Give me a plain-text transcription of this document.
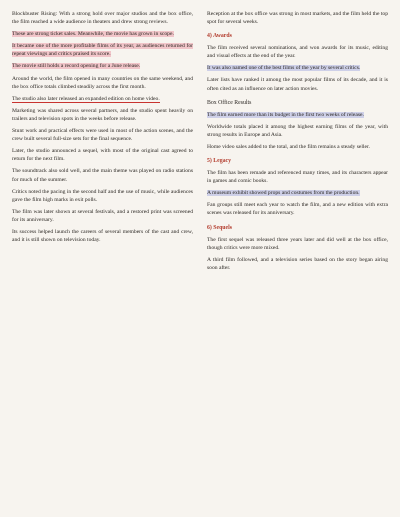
Blockbuster Rising: With a strong hold over major studios and the box office, the film reached a wide audience in theaters and drew strong reviews.

These are strong ticket sales. Meanwhile, the movie has grown in scope.

It became one of the more profitable films of its year, as audiences returned for repeat viewings and critics praised its score.

The movie still holds a record opening for a June release.

Around the world, the film opened in many countries on the same weekend, and the box office totals climbed steadily across the first month.

The studio also later released an expanded edition on home video.

Marketing was shared across several partners, and the studio spent heavily on trailers and television spots in the weeks before release.

Stunt work and practical effects were used in most of the action scenes, and the crew built several full-size sets for the final sequence.

Later, the studio announced a sequel, with most of the original cast agreed to return for the next film.

The soundtrack also sold well, and the main theme was played on radio stations for much of the summer.

Critics noted the pacing in the second half and the use of music, while audiences gave the film high marks in exit polls.

The film was later shown at several festivals, and a restored print was screened for its anniversary.

Its success helped launch the careers of several members of the cast and crew, and it is still shown on television today.

Reception at the box office was strong in most markets, and the film held the top spot for several weeks.

4) Awards

The film received several nominations, and won awards for its music, editing and visual effects at the end of the year.

It was also named one of the best films of the year by several critics.

Later lists have ranked it among the most popular films of its decade, and it is often cited as an influence on later action movies.

Box Office Results

The film earned more than its budget in the first two weeks of release.

Worldwide totals placed it among the highest earning films of the year, with strong results in Europe and Asia.

Home video sales added to the total, and the film remains a steady seller.

5) Legacy

The film has been remade and referenced many times, and its characters appear in games and comic books.

A museum exhibit showed props and costumes from the production.

Fan groups still meet each year to watch the film, and a new edition with extra scenes was released for its anniversary.

6) Sequels

The first sequel was released three years later and did well at the box office, though critics were more mixed.

A third film followed, and a television series based on the story began airing soon after.
